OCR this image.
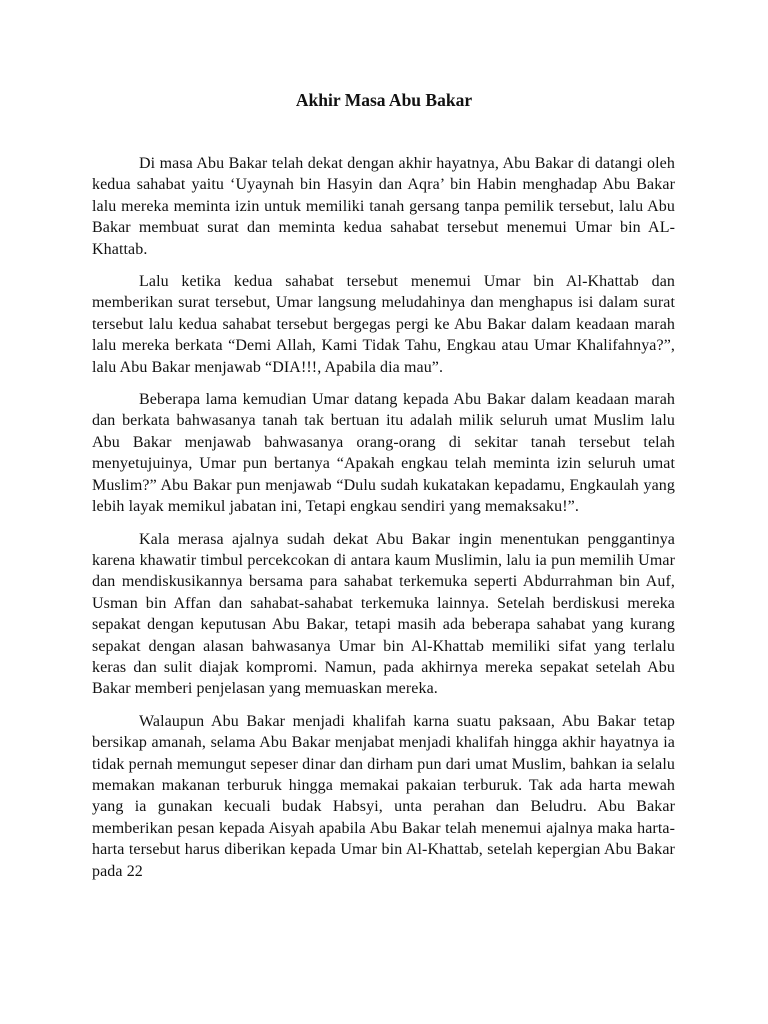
Akhir Masa Abu Bakar

Di masa Abu Bakar telah dekat dengan akhir hayatnya, Abu Bakar di datangi oleh kedua sahabat yaitu ‘Uyaynah bin Hasyin dan Aqra’ bin Habin menghadap Abu Bakar lalu mereka meminta izin untuk memiliki tanah gersang tanpa pemilik tersebut, lalu Abu Bakar membuat surat dan meminta kedua sahabat tersebut menemui Umar bin AL-Khattab.

Lalu ketika kedua sahabat tersebut menemui Umar bin Al-Khattab dan memberikan surat tersebut, Umar langsung meludahinya dan menghapus isi dalam surat tersebut lalu kedua sahabat tersebut bergegas pergi ke Abu Bakar dalam keadaan marah lalu mereka berkata “Demi Allah, Kami Tidak Tahu, Engkau atau Umar Khalifahnya?”, lalu Abu Bakar menjawab “DIA!!!, Apabila dia mau”.

Beberapa lama kemudian Umar datang kepada Abu Bakar dalam keadaan marah dan berkata bahwasanya tanah tak bertuan itu adalah milik seluruh umat Muslim lalu Abu Bakar menjawab bahwasanya orang-orang di sekitar tanah tersebut telah menyetujuinya, Umar pun bertanya “Apakah engkau telah meminta izin seluruh umat Muslim?” Abu Bakar pun menjawab “Dulu sudah kukatakan kepadamu, Engkaulah yang lebih layak memikul jabatan ini, Tetapi engkau sendiri yang memaksaku!”.

Kala merasa ajalnya sudah dekat Abu Bakar ingin menentukan penggantinya karena khawatir timbul percekcokan di antara kaum Muslimin, lalu ia pun memilih Umar dan mendiskusikannya bersama para sahabat terkemuka seperti Abdurrahman bin Auf, Usman bin Affan dan sahabat-sahabat terkemuka lainnya. Setelah berdiskusi mereka sepakat dengan keputusan Abu Bakar, tetapi masih ada beberapa sahabat yang kurang sepakat dengan alasan bahwasanya Umar bin Al-Khattab memiliki sifat yang terlalu keras dan sulit diajak kompromi. Namun, pada akhirnya mereka sepakat setelah Abu Bakar memberi penjelasan yang memuaskan mereka.

Walaupun Abu Bakar menjadi khalifah karna suatu paksaan, Abu Bakar tetap bersikap amanah, selama Abu Bakar menjabat menjadi khalifah hingga akhir hayatnya ia tidak pernah memungut sepeser dinar dan dirham pun dari umat Muslim, bahkan ia selalu memakan makanan terburuk hingga memakai pakaian terburuk. Tak ada harta mewah yang ia gunakan kecuali budak Habsyi, unta perahan dan Beludru. Abu Bakar memberikan pesan kepada Aisyah apabila Abu Bakar telah menemui ajalnya maka harta-harta tersebut harus diberikan kepada Umar bin Al-Khattab, setelah kepergian Abu Bakar pada 22
